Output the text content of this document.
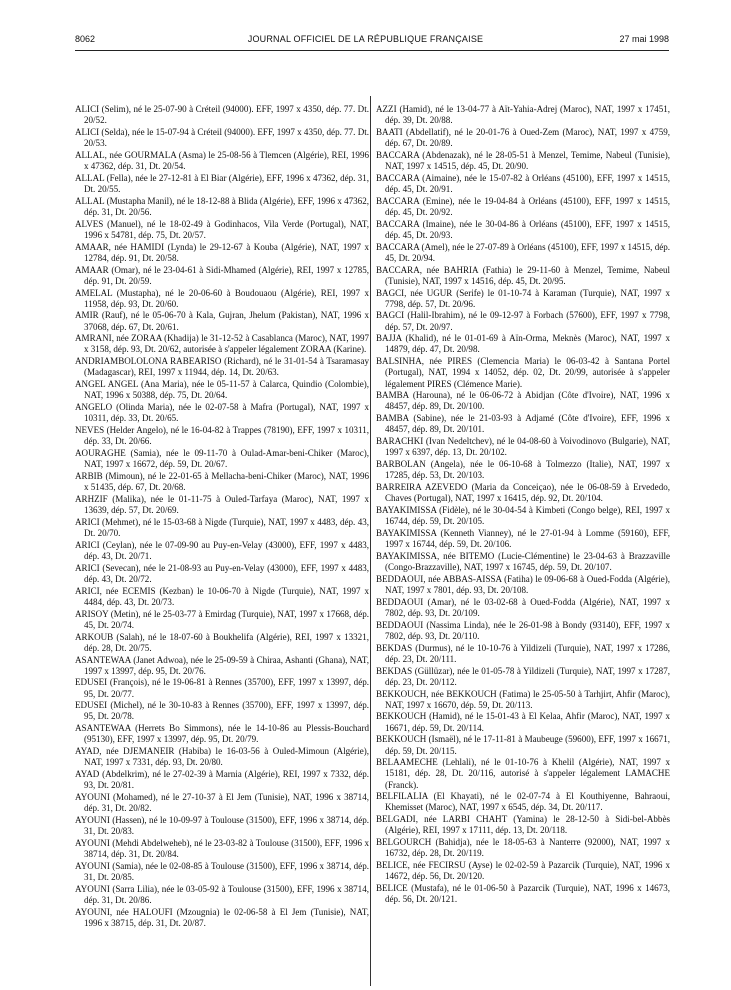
8062	JOURNAL OFFICIEL DE LA RÉPUBLIQUE FRANÇAISE	27 mai 1998
ALICI (Selim), né le 25-07-90 à Créteil (94000). EFF, 1997 x 4350, dép. 77. Dt. 20/52.
ALICI (Selda), née le 15-07-94 à Créteil (94000). EFF, 1997 x 4350, dép. 77. Dt. 20/53.
ALLAL, née GOURMALA (Asma) le 25-08-56 à Tlemcen (Algérie), REI, 1996 x 47362, dép. 31, Dt. 20/54.
ALLAL (Fella), née le 27-12-81 à El Biar (Algérie), EFF, 1996 x 47362, dép. 31, Dt. 20/55.
ALLAL (Mustapha Manil), né le 18-12-88 à Blida (Algérie), EFF, 1996 x 47362, dép. 31, Dt. 20/56.
ALVES (Manuel), né le 18-02-49 à Godinhacos, Vila Verde (Portugal), NAT, 1996 x 54781, dép. 75, Dt. 20/57.
AMAAR, née HAMIDI (Lynda) le 29-12-67 à Kouba (Algérie), NAT, 1997 x 12784, dép. 91, Dt. 20/58.
AMAAR (Omar), né le 23-04-61 à Sidi-Mhamed (Algérie), REI, 1997 x 12785, dép. 91, Dt. 20/59.
AMELAL (Mustapha), né le 20-06-60 à Boudouaou (Algérie), REI, 1997 x 11958, dép. 93, Dt. 20/60.
AMIR (Rauf), né le 05-06-70 à Kala, Gujran, Jhelum (Pakistan), NAT, 1996 x 37068, dép. 67, Dt. 20/61.
AMRANI, née ZORAA (Khadija) le 31-12-52 à Casablanca (Maroc), NAT, 1997 x 3158, dép. 93, Dt. 20/62, autorisée à s'appeler légalement ZORAA (Karine).
ANDRIAMBOLOLONA RABEARISO (Richard), né le 31-01-54 à Tsaramasay (Madagascar), REI, 1997 x 11944, dép. 14, Dt. 20/63.
ANGEL ANGEL (Ana Maria), née le 05-11-57 à Calarca, Quindio (Colombie), NAT, 1996 x 50388, dép. 75, Dt. 20/64.
ANGELO (Olinda Maria), née le 02-07-58 à Mafra (Portugal), NAT, 1997 x 10311, dép. 33, Dt. 20/65.
NEVES (Helder Angelo), né le 16-04-82 à Trappes (78190), EFF, 1997 x 10311, dép. 33, Dt. 20/66.
AOURAGHE (Samia), née le 09-11-70 à Oulad-Amar-beni-Chiker (Maroc), NAT, 1997 x 16672, dép. 59, Dt. 20/67.
ARBIB (Mimoun), né le 22-01-65 à Mellacha-beni-Chiker (Maroc), NAT, 1996 x 51435, dép. 67, Dt. 20/68.
ARHZIF (Malika), née le 01-11-75 à Ouled-Tarfaya (Maroc), NAT, 1997 x 13639, dép. 57, Dt. 20/69.
ARICI (Mehmet), né le 15-03-68 à Nigde (Turquie), NAT, 1997 x 4483, dép. 43, Dt. 20/70.
ARICI (Ceylan), née le 07-09-90 au Puy-en-Velay (43000), EFF, 1997 x 4483, dép. 43, Dt. 20/71.
ARICI (Sevecan), née le 21-08-93 au Puy-en-Velay (43000), EFF, 1997 x 4483, dép. 43, Dt. 20/72.
ARICI, née ECEMIS (Kezban) le 10-06-70 à Nigde (Turquie), NAT, 1997 x 4484, dép. 43, Dt. 20/73.
ARISOY (Metin), né le 25-03-77 à Emirdag (Turquie), NAT, 1997 x 17668, dép. 45, Dt. 20/74.
ARKOUB (Salah), né le 18-07-60 à Boukhelifa (Algérie), REI, 1997 x 13321, dép. 28, Dt. 20/75.
ASANTEWAA (Janet Adwoa), née le 25-09-59 à Chiraa, Ashanti (Ghana), NAT, 1997 x 13997, dép. 95, Dt. 20/76.
EDUSEI (François), né le 19-06-81 à Rennes (35700), EFF, 1997 x 13997, dép. 95, Dt. 20/77.
EDUSEI (Michel), né le 30-10-83 à Rennes (35700), EFF, 1997 x 13997, dép. 95, Dt. 20/78.
ASANTEWAA (Herrets Bo Simmons), née le 14-10-86 au Plessis-Bouchard (95130), EFF, 1997 x 13997, dép. 95, Dt. 20/79.
AYAD, née DJEMANEIR (Habiba) le 16-03-56 à Ouled-Mimoun (Algérie), NAT, 1997 x 7331, dép. 93, Dt. 20/80.
AYAD (Abdelkrim), né le 27-02-39 à Marnia (Algérie), REI, 1997 x 7332, dép. 93, Dt. 20/81.
AYOUNI (Mohamed), né le 27-10-37 à El Jem (Tunisie), NAT, 1996 x 38714, dép. 31, Dt. 20/82.
AYOUNI (Hassen), né le 10-09-97 à Toulouse (31500), EFF, 1996 x 38714, dép. 31, Dt. 20/83.
AYOUNI (Mehdi Abdelweheb), né le 23-03-82 à Toulouse (31500), EFF, 1996 x 38714, dép. 31, Dt. 20/84.
AYOUNI (Samia), née le 02-08-85 à Toulouse (31500), EFF, 1996 x 38714, dép. 31, Dt. 20/85.
AYOUNI (Sarra Lilia), née le 03-05-92 à Toulouse (31500), EFF, 1996 x 38714, dép. 31, Dt. 20/86.
AYOUNI, née HALOUFI (Mzougnia) le 02-06-58 à El Jem (Tunisie), NAT, 1996 x 38715, dép. 31, Dt. 20/87.
AZZI (Hamid), né le 13-04-77 à Aït-Yahia-Adrej (Maroc), NAT, 1997 x 17451, dép. 39, Dt. 20/88.
BAATI (Abdellatif), né le 20-01-76 à Oued-Zem (Maroc), NAT, 1997 x 4759, dép. 67, Dt. 20/89.
BACCARA (Abdenazak), né le 28-05-51 à Menzel, Temime, Nabeul (Tunisie), NAT, 1997 x 14515, dép. 45, Dt. 20/90.
BACCARA (Aimaine), née le 15-07-82 à Orléans (45100), EFF, 1997 x 14515, dép. 45, Dt. 20/91.
BACCARA (Emine), née le 19-04-84 à Orléans (45100), EFF, 1997 x 14515, dép. 45, Dt. 20/92.
BACCARA (Imaine), née le 30-04-86 à Orléans (45100), EFF, 1997 x 14515, dép. 45, Dt. 20/93.
BACCARA (Amel), née le 27-07-89 à Orléans (45100), EFF, 1997 x 14515, dép. 45, Dt. 20/94.
BACCARA, née BAHRIA (Fathia) le 29-11-60 à Menzel, Temime, Nabeul (Tunisie), NAT, 1997 x 14516, dép. 45, Dt. 20/95.
BAGCI, née UGUR (Serife) le 01-10-74 à Karaman (Turquie), NAT, 1997 x 7798, dép. 57, Dt. 20/96.
BAGCI (Halil-Ibrahim), né le 09-12-97 à Forbach (57600), EFF, 1997 x 7798, dép. 57, Dt. 20/97.
BAJJA (Khalid), né le 01-01-69 à Aïn-Orma, Meknès (Maroc), NAT, 1997 x 14879, dép. 47, Dt. 20/98.
BALSINHA, née PIRES (Clemencia Maria) le 06-03-42 à Santana Portel (Portugal), NAT, 1994 x 14052, dép. 02, Dt. 20/99, autorisée à s'appeler légalement PIRES (Clémence Marie).
BAMBA (Harouna), né le 06-06-72 à Abidjan (Côte d'Ivoire), NAT, 1996 x 48457, dép. 89, Dt. 20/100.
BAMBA (Sabine), née le 21-03-93 à Adjamé (Côte d'Ivoire), EFF, 1996 x 48457, dép. 89, Dt. 20/101.
BARACHKI (Ivan Nedeltchev), né le 04-08-60 à Voivodinovo (Bulgarie), NAT, 1997 x 6397, dép. 13, Dt. 20/102.
BARBOLAN (Angela), née le 06-10-68 à Tolmezzo (Italie), NAT, 1997 x 17285, dép. 53, Dt. 20/103.
BARREIRA AZEVEDO (Maria da Conceiçao), née le 06-08-59 à Ervededo, Chaves (Portugal), NAT, 1997 x 16415, dép. 92, Dt. 20/104.
BAYAKIMISSA (Fidèle), né le 30-04-54 à Kimbeti (Congo belge), REI, 1997 x 16744, dép. 59, Dt. 20/105.
BAYAKIMISSA (Kenneth Vianney), né le 27-01-94 à Lomme (59160), EFF, 1997 x 16744, dép. 59, Dt. 20/106.
BAYAKIMISSA, née BITEMO (Lucie-Clémentine) le 23-04-63 à Brazzaville (Congo-Brazzaville), NAT, 1997 x 16745, dép. 59, Dt. 20/107.
BEDDAOUI, née ABBAS-AISSA (Fatiha) le 09-06-68 à Oued-Fodda (Algérie), NAT, 1997 x 7801, dép. 93, Dt. 20/108.
BEDDAOUI (Amar), né le 03-02-68 à Oued-Fodda (Algérie), NAT, 1997 x 7802, dép. 93, Dt. 20/109.
BEDDAOUI (Nassima Linda), née le 26-01-98 à Bondy (93140), EFF, 1997 x 7802, dép. 93, Dt. 20/110.
BEKDAS (Durmus), né le 10-10-76 à Yildizeli (Turquie), NAT, 1997 x 17286, dép. 23, Dt. 20/111.
BEKDAS (Güllüzar), née le 01-05-78 à Yildizeli (Turquie), NAT, 1997 x 17287, dép. 23, Dt. 20/112.
BEKKOUCH, née BEKKOUCH (Fatima) le 25-05-50 à Tarhjirt, Ahfir (Maroc), NAT, 1997 x 16670, dép. 59, Dt. 20/113.
BEKKOUCH (Hamid), né le 15-01-43 à El Kelaa, Ahfir (Maroc), NAT, 1997 x 16671, dép. 59, Dt. 20/114.
BEKKOUCH (Ismaël), né le 17-11-81 à Maubeuge (59600), EFF, 1997 x 16671, dép. 59, Dt. 20/115.
BELAAMECHE (Lehlali), né le 01-10-76 à Khelil (Algérie), NAT, 1997 x 15181, dép. 28, Dt. 20/116, autorisé à s'appeler légalement LAMACHE (Franck).
BELFILALIA (El Khayati), né le 02-07-74 à El Kouthiyenne, Bahraoui, Khemisset (Maroc), NAT, 1997 x 6545, dép. 34, Dt. 20/117.
BELGADI, née LARBI CHAHT (Yamina) le 28-12-50 à Sidi-bel-Abbès (Algérie), REI, 1997 x 17111, dép. 13, Dt. 20/118.
BELGOURCH (Bahidja), née le 18-05-63 à Nanterre (92000), NAT, 1997 x 16732, dép. 28, Dt. 20/119.
BELICE, née FECIRSU (Ayse) le 02-02-59 à Pazarcik (Turquie), NAT, 1996 x 14672, dép. 56, Dt. 20/120.
BELICE (Mustafa), né le 01-06-50 à Pazarcik (Turquie), NAT, 1996 x 14673, dép. 56, Dt. 20/121.
